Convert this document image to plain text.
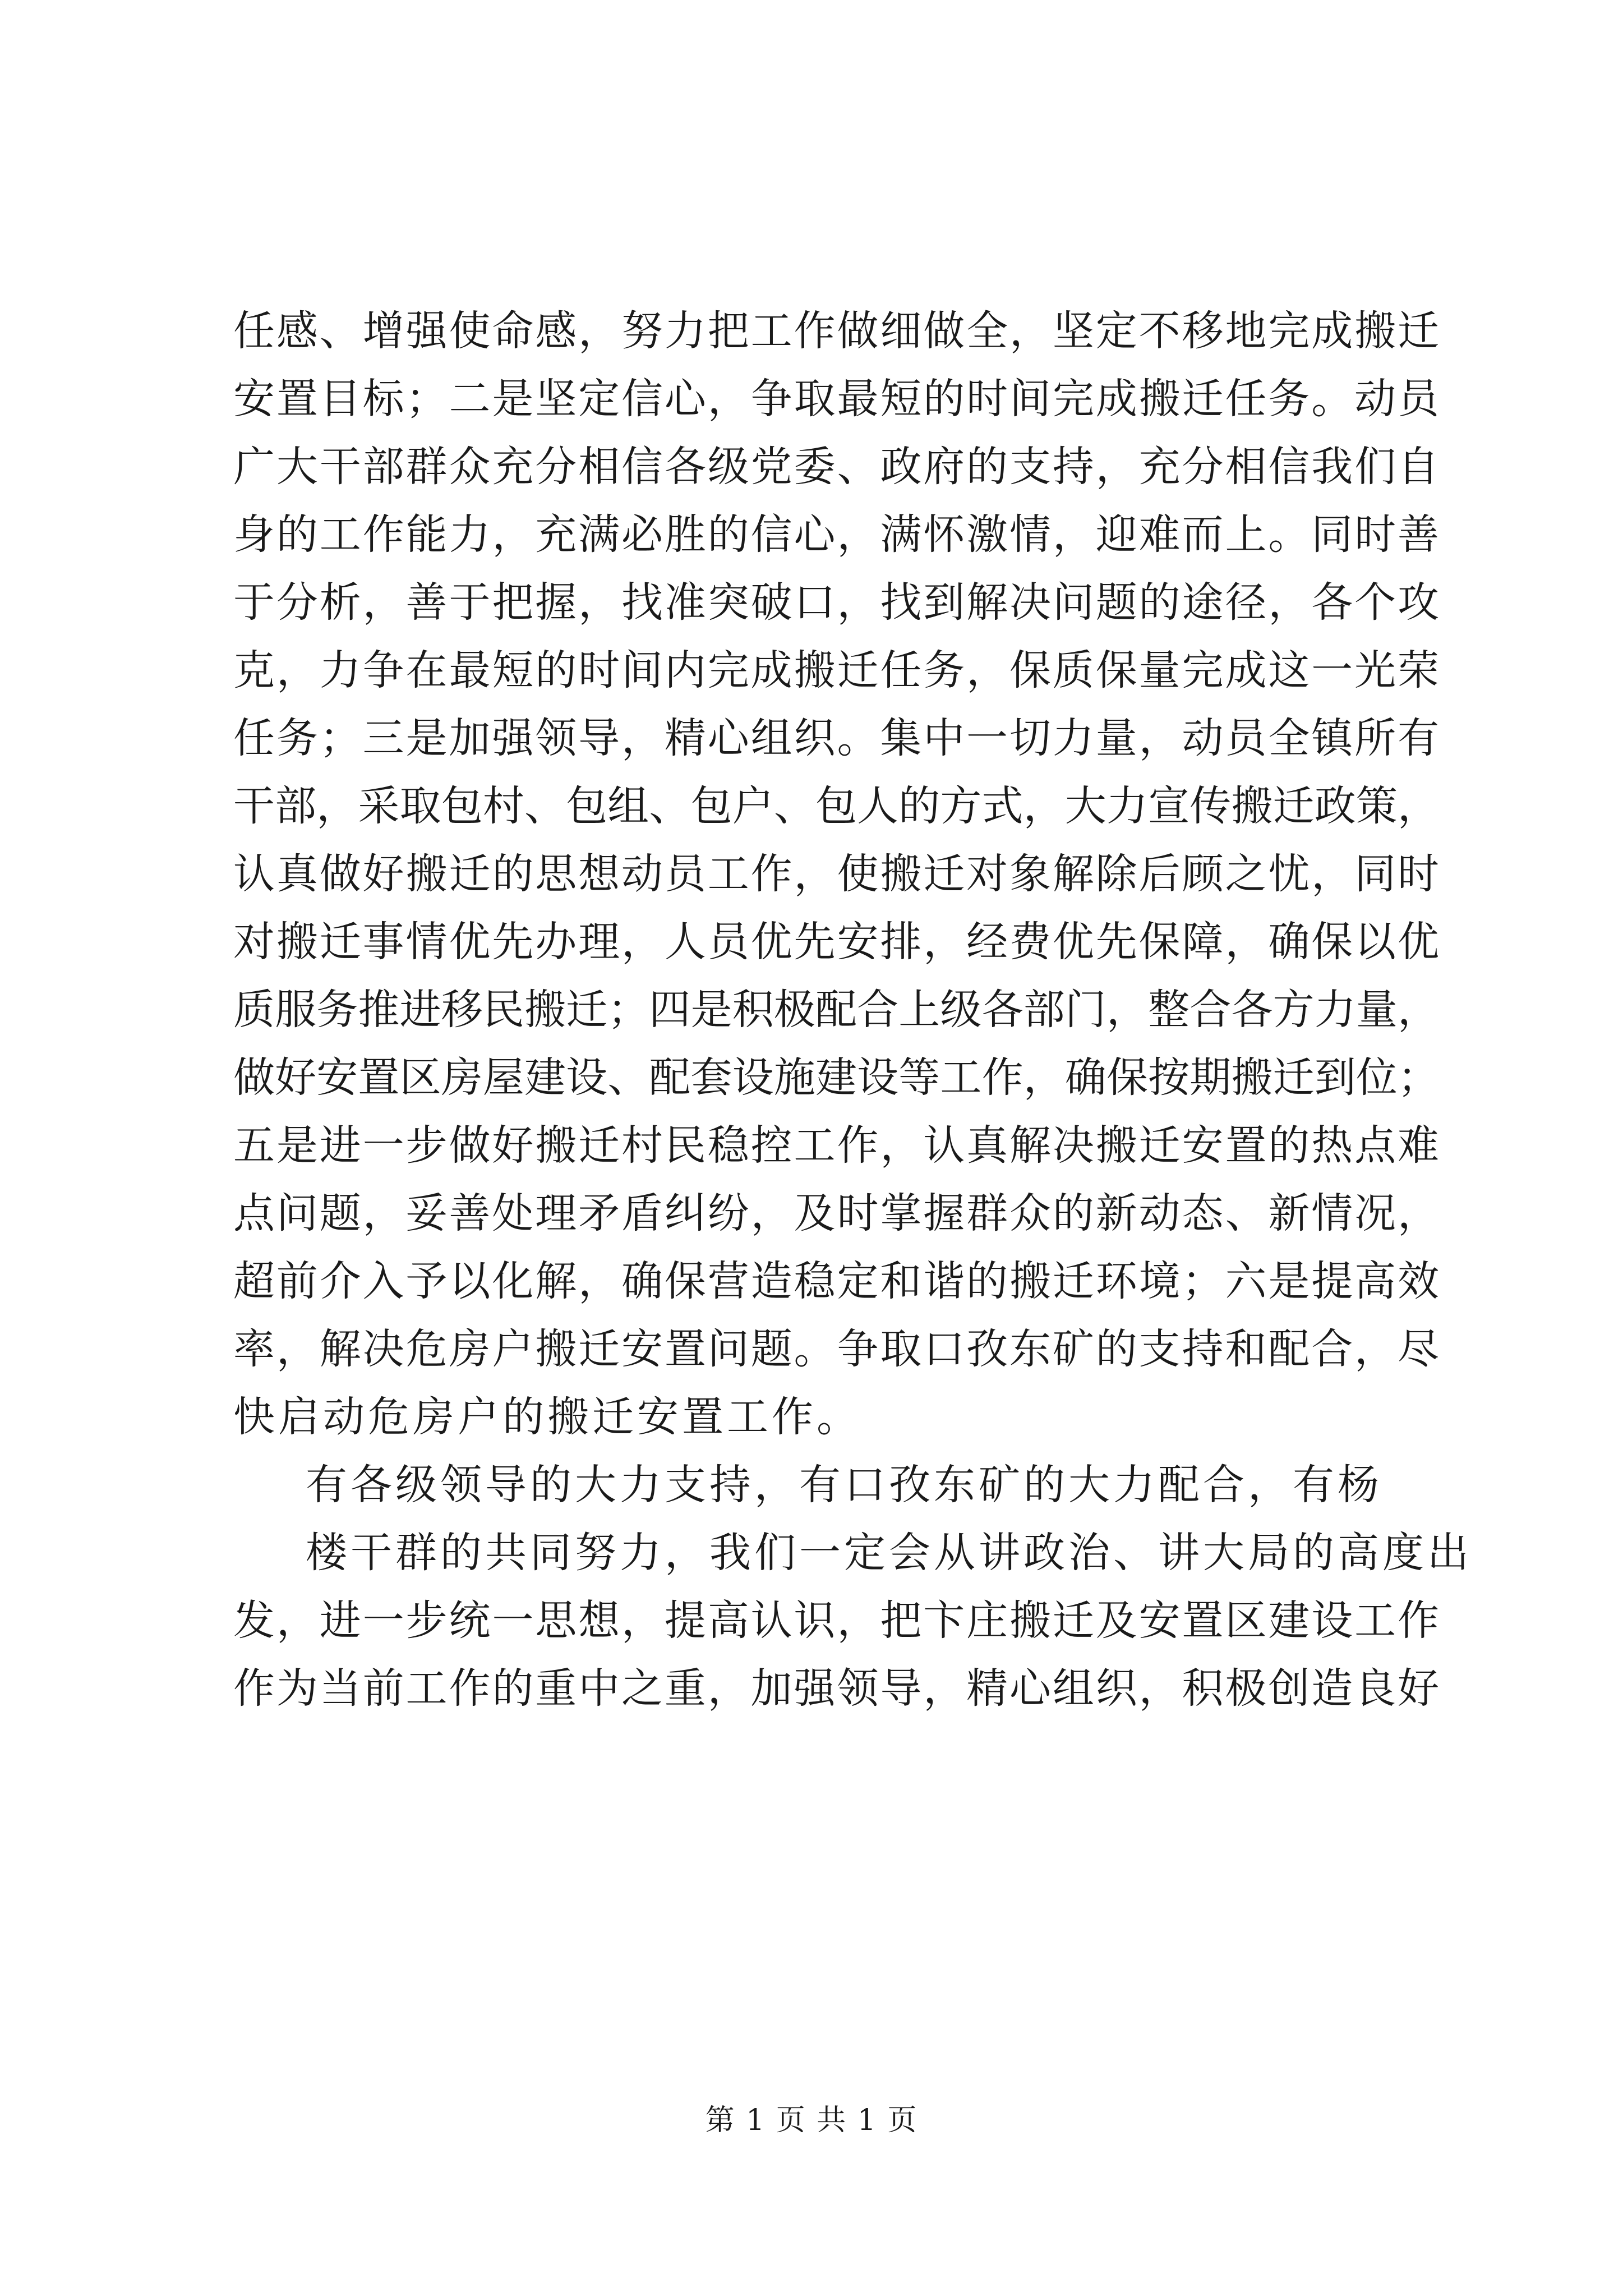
任感、增强使命感，努力把工作做细做全，坚定不移地完成搬迁
安置目标；二是坚定信心，争取最短的时间完成搬迁任务。动员
广大干部群众充分相信各级党委、政府的支持，充分相信我们自
身的工作能力，充满必胜的信心，满怀激情，迎难而上。同时善
于分析，善于把握，找准突破口，找到解决问题的途径，各个攻
克，力争在最短的时间内完成搬迁任务，保质保量完成这一光荣
任务；三是加强领导，精心组织。集中一切力量，动员全镇所有
干部，采取包村、包组、包户、包人的方式，大力宣传搬迁政策，
认真做好搬迁的思想动员工作，使搬迁对象解除后顾之忧，同时
对搬迁事情优先办理，人员优先安排，经费优先保障，确保以优
质服务推进移民搬迁；四是积极配合上级各部门，整合各方力量，
做好安置区房屋建设、配套设施建设等工作，确保按期搬迁到位；
五是进一步做好搬迁村民稳控工作，认真解决搬迁安置的热点难
点问题，妥善处理矛盾纠纷，及时掌握群众的新动态、新情况，
超前介入予以化解，确保营造稳定和谐的搬迁环境；六是提高效
率，解决危房户搬迁安置问题。争取口孜东矿的支持和配合，尽
快启动危房户的搬迁安置工作。
有各级领导的大力支持，有口孜东矿的大力配合，有杨
楼干群的共同努力，我们一定会从讲政治、讲大局的高度出
发，进一步统一思想，提高认识，把卞庄搬迁及安置区建设工作
作为当前工作的重中之重，加强领导，精心组织，积极创造良好
第 1 页 共 1 页
